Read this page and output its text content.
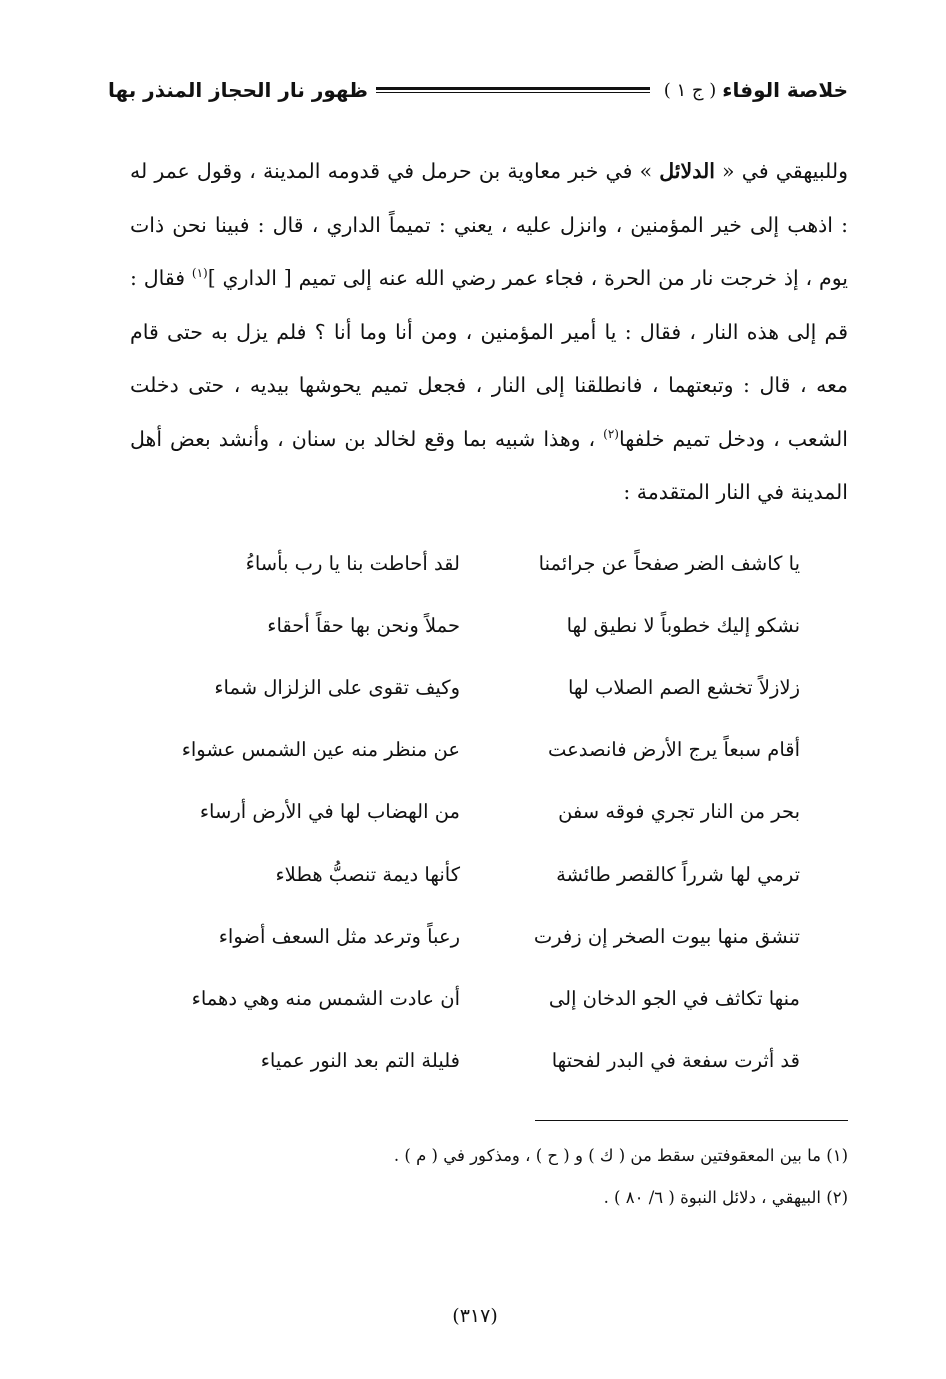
خلاصة الوفاء
( ج ١ )
ظهور نار الحجاز المنذر بها
وللبيهقي في « الدلائل » في خبر معاوية بن حرمل في قدومه المدينة ، وقول عمر له : اذهب إلى خير المؤمنين ، وانزل عليه ، يعني : تميماً الداري ، قال : فبينا نحن ذات يوم ، إذ خرجت نار من الحرة ، فجاء عمر رضي الله عنه إلى تميم [ الداري ]$^{(١)}$ فقال : قم إلى هذه النار ، فقال : يا أمير المؤمنين ، ومن أنا وما أنا ؟ فلم يزل به حتى قام معه ، قال : وتبعتهما ، فانطلقنا إلى النار ، فجعل تميم يحوشها بيديه ، حتى دخلت الشعب ، ودخل تميم خلفها$^{(٢)}$ ، وهذا شبيه بما وقع لخالد بن سنان ، وأنشد بعض أهل المدينة في النار المتقدمة :
يا كاشف الضر صفحاً عن جرائمنا
لقد أحاطت بنا يا رب بأساءُ
نشكو إليك خطوباً لا نطيق لها
حملاً ونحن بها حقاً أحقاء
زلازلاً تخشع الصم الصلاب لها
وكيف تقوى على الزلزال شماء
أقام سبعاً يرج الأرض فانصدعت
عن منظر منه عين الشمس عشواء
بحر من النار تجري فوقه سفن
من الهضاب لها في الأرض أرساء
ترمي لها شرراً كالقصر طائشة
كأنها ديمة تنصبُّ هطلاء
تنشق منها بيوت الصخر إن زفرت
رعباً وترعد مثل السعف أضواء
منها تكاثف في الجو الدخان إلى
أن عادت الشمس منه وهي دهماء
قد أثرت سفعة في البدر لفحتها
فليلة التم بعد النور عمياء
(١) ما بين المعقوفتين سقط من ( ك ) و ( ح ) ، ومذكور في ( م ) .
(٢) البيهقي ، دلائل النبوة ( ٦/ ٨٠ ) .
(٣١٧)
